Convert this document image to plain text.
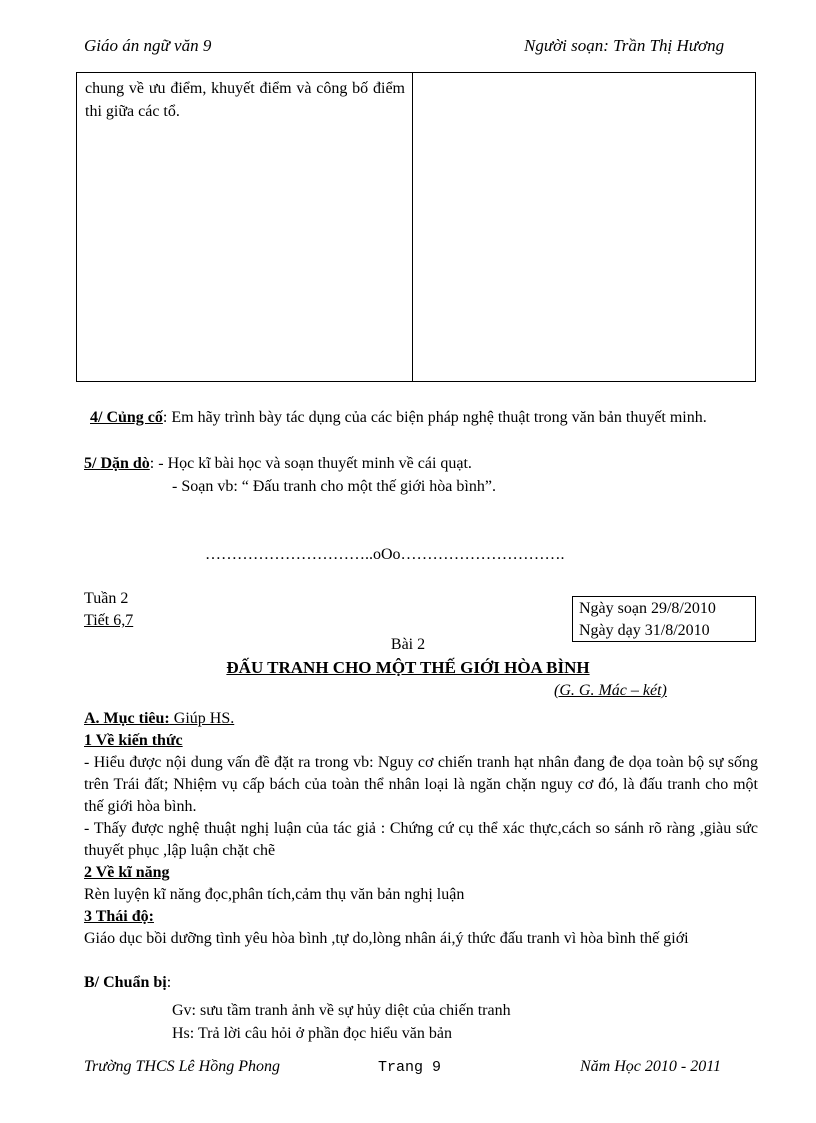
Giáo án ngữ văn 9	Người soạn: Trần Thị Hương
chung về ưu điểm, khuyết điểm và công bố điểm thi giữa các tổ.
4/ Củng cố: Em hãy trình bày tác dụng của các biện pháp nghệ thuật trong văn bản thuyết minh.
5/ Dặn dò: - Học kĩ bài học và soạn thuyết minh về cái quạt.
- Soạn vb: “ Đấu tranh cho một thế giới hòa bình”.
…………………………..oOo………………………….
Tuần 2
Tiết 6,7
Ngày soạn 29/8/2010
Ngày dạy 31/8/2010
Bài 2
ĐẤU TRANH CHO MỘT THẾ GIỚI HÒA BÌNH
(G. G. Mác – két)
A. Mục tiêu: Giúp HS.
1 Về kiến thức
- Hiểu được nội dung vấn đề đặt ra trong vb: Nguy cơ chiến tranh hạt nhân đang đe dọa toàn bộ sự sống trên Trái đất; Nhiệm vụ cấp bách của toàn thể nhân loại là ngăn chặn nguy cơ đó, là đấu tranh cho một thế giới hòa bình.
- Thấy được nghệ thuật nghị luận của tác giả : Chứng cứ cụ thể xác thực,cách so sánh rõ ràng ,giàu sức thuyết phục ,lập luận chặt chẽ
2 Về kĩ năng
Rèn luyện kĩ năng đọc,phân tích,cảm thụ văn bản nghị luận
3 Thái độ:
Giáo dục bồi dưỡng tình yêu hòa bình ,tự do,lòng nhân ái,ý thức đấu tranh vì hòa bình thế giới
B/ Chuẩn bị:
Gv: sưu tầm tranh ảnh về sự hủy diệt của chiến tranh
Hs: Trả lời câu hỏi ở phần đọc hiểu văn bản
Trường THCS Lê Hồng Phong	Trang 9	Năm Học 2010 - 2011
